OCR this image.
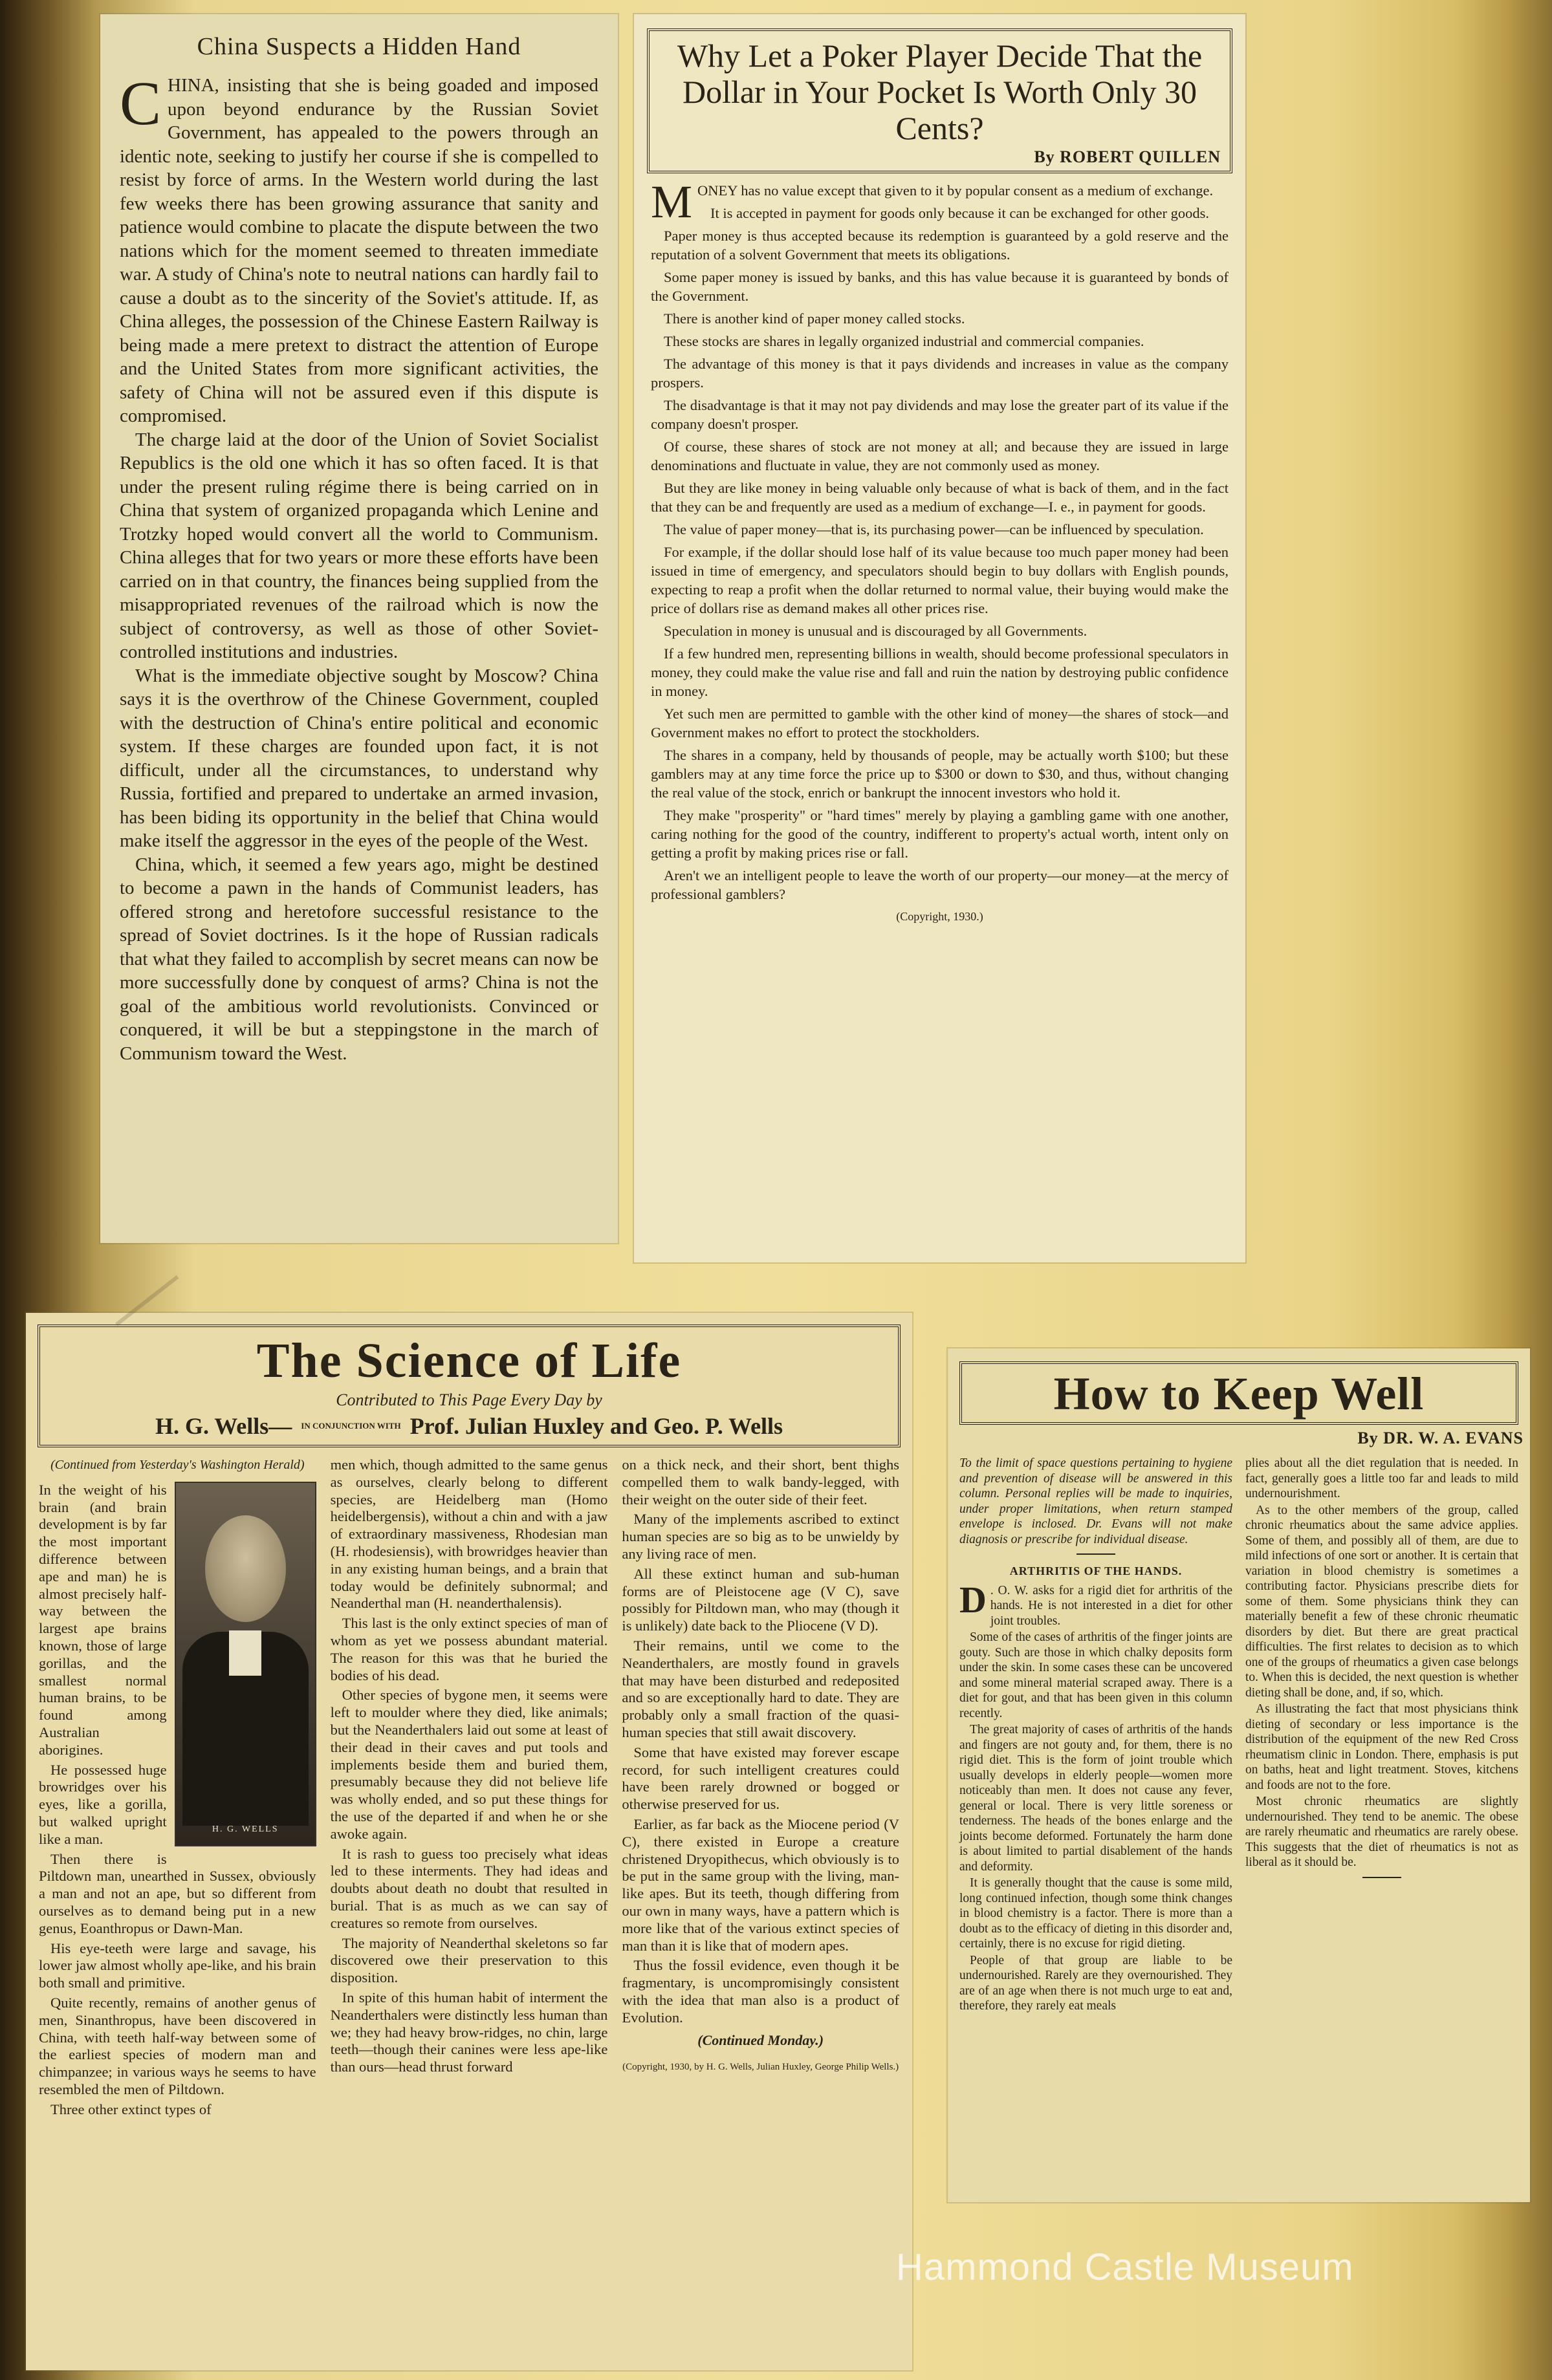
China Suspects a Hidden Hand

CHINA, insisting that she is being goaded and imposed upon beyond endurance by the Russian Soviet Government, has appealed to the powers through an identic note, seeking to justify her course if she is compelled to resist by force of arms. In the Western world during the last few weeks there has been growing assurance that sanity and patience would combine to placate the dispute between the two nations which for the moment seemed to threaten immediate war. A study of China's note to neutral nations can hardly fail to cause a doubt as to the sincerity of the Soviet's attitude. If, as China alleges, the possession of the Chinese Eastern Railway is being made a mere pretext to distract the attention of Europe and the United States from more significant activities, the safety of China will not be assured even if this dispute is compromised.

The charge laid at the door of the Union of Soviet Socialist Republics is the old one which it has so often faced. It is that under the present ruling régime there is being carried on in China that system of organized propaganda which Lenine and Trotzky hoped would convert all the world to Communism. China alleges that for two years or more these efforts have been carried on in that country, the finances being supplied from the misappropriated revenues of the railroad which is now the subject of controversy, as well as those of other Soviet-controlled institutions and industries.

What is the immediate objective sought by Moscow? China says it is the overthrow of the Chinese Government, coupled with the destruction of China's entire political and economic system. If these charges are founded upon fact, it is not difficult, under all the circumstances, to understand why Russia, fortified and prepared to undertake an armed invasion, has been biding its opportunity in the belief that China would make itself the aggressor in the eyes of the people of the West.

China, which, it seemed a few years ago, might be destined to become a pawn in the hands of Communist leaders, has offered strong and heretofore successful resistance to the spread of Soviet doctrines. Is it the hope of Russian radicals that what they failed to accomplish by secret means can now be more successfully done by conquest of arms? China is not the goal of the ambitious world revolutionists. Convinced or conquered, it will be but a steppingstone in the march of Communism toward the West.

Why Let a Poker Player Decide That the Dollar in Your Pocket Is Worth Only 30 Cents?
By ROBERT QUILLEN

MONEY has no value except that given to it by popular consent as a medium of exchange.

It is accepted in payment for goods only because it can be exchanged for other goods.

Paper money is thus accepted because its redemption is guaranteed by a gold reserve and the reputation of a solvent Government that meets its obligations.

Some paper money is issued by banks, and this has value because it is guaranteed by bonds of the Government.

There is another kind of paper money called stocks.

These stocks are shares in legally organized industrial and commercial companies.

The advantage of this money is that it pays dividends and increases in value as the company prospers.

The disadvantage is that it may not pay dividends and may lose the greater part of its value if the company doesn't prosper.

Of course, these shares of stock are not money at all; and because they are issued in large denominations and fluctuate in value, they are not commonly used as money.

But they are like money in being valuable only because of what is back of them, and in the fact that they can be and frequently are used as a medium of exchange—I. e., in payment for goods.

The value of paper money—that is, its purchasing power—can be influenced by speculation.

For example, if the dollar should lose half of its value because too much paper money had been issued in time of emergency, and speculators should begin to buy dollars with English pounds, expecting to reap a profit when the dollar returned to normal value, their buying would make the price of dollars rise as demand makes all other prices rise.

Speculation in money is unusual and is discouraged by all Governments.

If a few hundred men, representing billions in wealth, should become professional speculators in money, they could make the value rise and fall and ruin the nation by destroying public confidence in money.

Yet such men are permitted to gamble with the other kind of money—the shares of stock—and Government makes no effort to protect the stockholders.

The shares in a company, held by thousands of people, may be actually worth $100; but these gamblers may at any time force the price up to $300 or down to $30, and thus, without changing the real value of the stock, enrich or bankrupt the innocent investors who hold it.

They make "prosperity" or "hard times" merely by playing a gambling game with one another, caring nothing for the good of the country, indifferent to property's actual worth, intent only on getting a profit by making prices rise or fall.

Aren't we an intelligent people to leave the worth of our property—our money—at the mercy of professional gamblers?

(Copyright, 1930.)
The Science of Life
Contributed to This Page Every Day by
H. G. Wells— IN CONJUNCTION WITH Prof. Julian Huxley and Geo. P. Wells
(Continued from Yesterday's Washington Herald)
H. G. WELLS

In the weight of his brain (and brain development is by far the most important difference between ape and man) he is almost precisely half-way between the largest ape brains known, those of large gorillas, and the smallest normal human brains, to be found among Australian aborigines.

He possessed huge browridges over his eyes, like a gorilla, but walked upright like a man.

Then there is Piltdown man, unearthed in Sussex, obviously a man and not an ape, but so different from ourselves as to demand being put in a new genus, Eoanthropus or Dawn-Man.

His eye-teeth were large and savage, his lower jaw almost wholly ape-like, and his brain both small and primitive.

Quite recently, remains of another genus of men, Sinanthropus, have been discovered in China, with teeth half-way between some of the earliest species of modern man and chimpanzee; in various ways he seems to have resembled the men of Piltdown.

Three other extinct types of

men which, though admitted to the same genus as ourselves, clearly belong to different species, are Heidelberg man (Homo heidelbergensis), without a chin and with a jaw of extraordinary massiveness, Rhodesian man (H. rhodesiensis), with browridges heavier than in any existing human beings, and a brain that today would be definitely subnormal; and Neanderthal man (H. neanderthalensis).

This last is the only extinct species of man of whom as yet we possess abundant material. The reason for this was that he buried the bodies of his dead.

Other species of bygone men, it seems were left to moulder where they died, like animals; but the Neanderthalers laid out some at least of their dead in their caves and put tools and implements beside them and buried them, presumably because they did not believe life was wholly ended, and so put these things for the use of the departed if and when he or she awoke again.

It is rash to guess too precisely what ideas led to these interments. They had ideas and doubts about death no doubt that resulted in burial. That is as much as we can say of creatures so remote from ourselves.

The majority of Neanderthal skeletons so far discovered owe their preservation to this disposition.

In spite of this human habit of interment the Neanderthalers were distinctly less human than we; they had heavy brow-ridges, no chin, large teeth—though their canines were less ape-like than ours—head thrust forward

on a thick neck, and their short, bent thighs compelled them to walk bandy-legged, with their weight on the outer side of their feet.

Many of the implements ascribed to extinct human species are so big as to be unwieldy by any living race of men.

All these extinct human and sub-human forms are of Pleistocene age (V C), save possibly for Piltdown man, who may (though it is unlikely) date back to the Pliocene (V D).

Their remains, until we come to the Neanderthalers, are mostly found in gravels that may have been disturbed and redeposited and so are exceptionally hard to date. They are probably only a small fraction of the quasi-human species that still await discovery.

Some that have existed may forever escape record, for such intelligent creatures could have been rarely drowned or bogged or otherwise preserved for us.

Earlier, as far back as the Miocene period (V C), there existed in Europe a creature christened Dryopithecus, which obviously is to be put in the same group with the living, man-like apes. But its teeth, though differing from our own in many ways, have a pattern which is more like that of the various extinct species of man than it is like that of modern apes.

Thus the fossil evidence, even though it be fragmentary, is uncompromisingly consistent with the idea that man also is a product of Evolution.

(Continued Monday.)
(Copyright, 1930, by H. G. Wells, Julian Huxley, George Philip Wells.)
How to Keep Well
By DR. W. A. EVANS

To the limit of space questions pertaining to hygiene and prevention of disease will be answered in this column. Personal replies will be made to inquiries, under proper limitations, when return stamped envelope is inclosed. Dr. Evans will not make diagnosis or prescribe for individual disease.

ARTHRITIS OF THE HANDS.

D . O. W. asks for a rigid diet for arthritis of the hands. He is not interested in a diet for other joint troubles.

Some of the cases of arthritis of the finger joints are gouty. Such are those in which chalky deposits form under the skin. In some cases these can be uncovered and some mineral material scraped away. There is a diet for gout, and that has been given in this column recently.

The great majority of cases of arthritis of the hands and fingers are not gouty and, for them, there is no rigid diet. This is the form of joint trouble which usually develops in elderly people—women more noticeably than men. It does not cause any fever, general or local. There is very little soreness or tenderness. The heads of the bones enlarge and the joints become deformed. Fortunately the harm done is about limited to partial disablement of the hands and deformity.

It is generally thought that the cause is some mild, long continued infection, though some think changes in blood chemistry is a factor. There is more than a doubt as to the efficacy of dieting in this disorder and, certainly, there is no excuse for rigid dieting.

People of that group are liable to be undernourished. Rarely are they overnourished. They are of an age when there is not much urge to eat and, therefore, they rarely eat meals

plies about all the diet regulation that is needed. In fact, generally goes a little too far and leads to mild undernourishment.

As to the other members of the group, called chronic rheumatics about the same advice applies. Some of them, and possibly all of them, are due to mild infections of one sort or another. It is certain that variation in blood chemistry is sometimes a contributing factor. Physicians prescribe diets for some of them. Some physicians think they can materially benefit a few of these chronic rheumatic disorders by diet. But there are great practical difficulties. The first relates to decision as to which one of the groups of rheumatics a given case belongs to. When this is decided, the next question is whether dieting shall be done, and, if so, which.

As illustrating the fact that most physicians think dieting of secondary or less importance is the distribution of the equipment of the new Red Cross rheumatism clinic in London. There, emphasis is put on baths, heat and light treatment. Stoves, kitchens and foods are not to the fore.

Most chronic rheumatics are slightly undernourished. They tend to be anemic. The obese are rarely rheumatic and rheumatics are rarely obese. This suggests that the diet of rheumatics is not as liberal as it should be.

Hammond Castle Museum
